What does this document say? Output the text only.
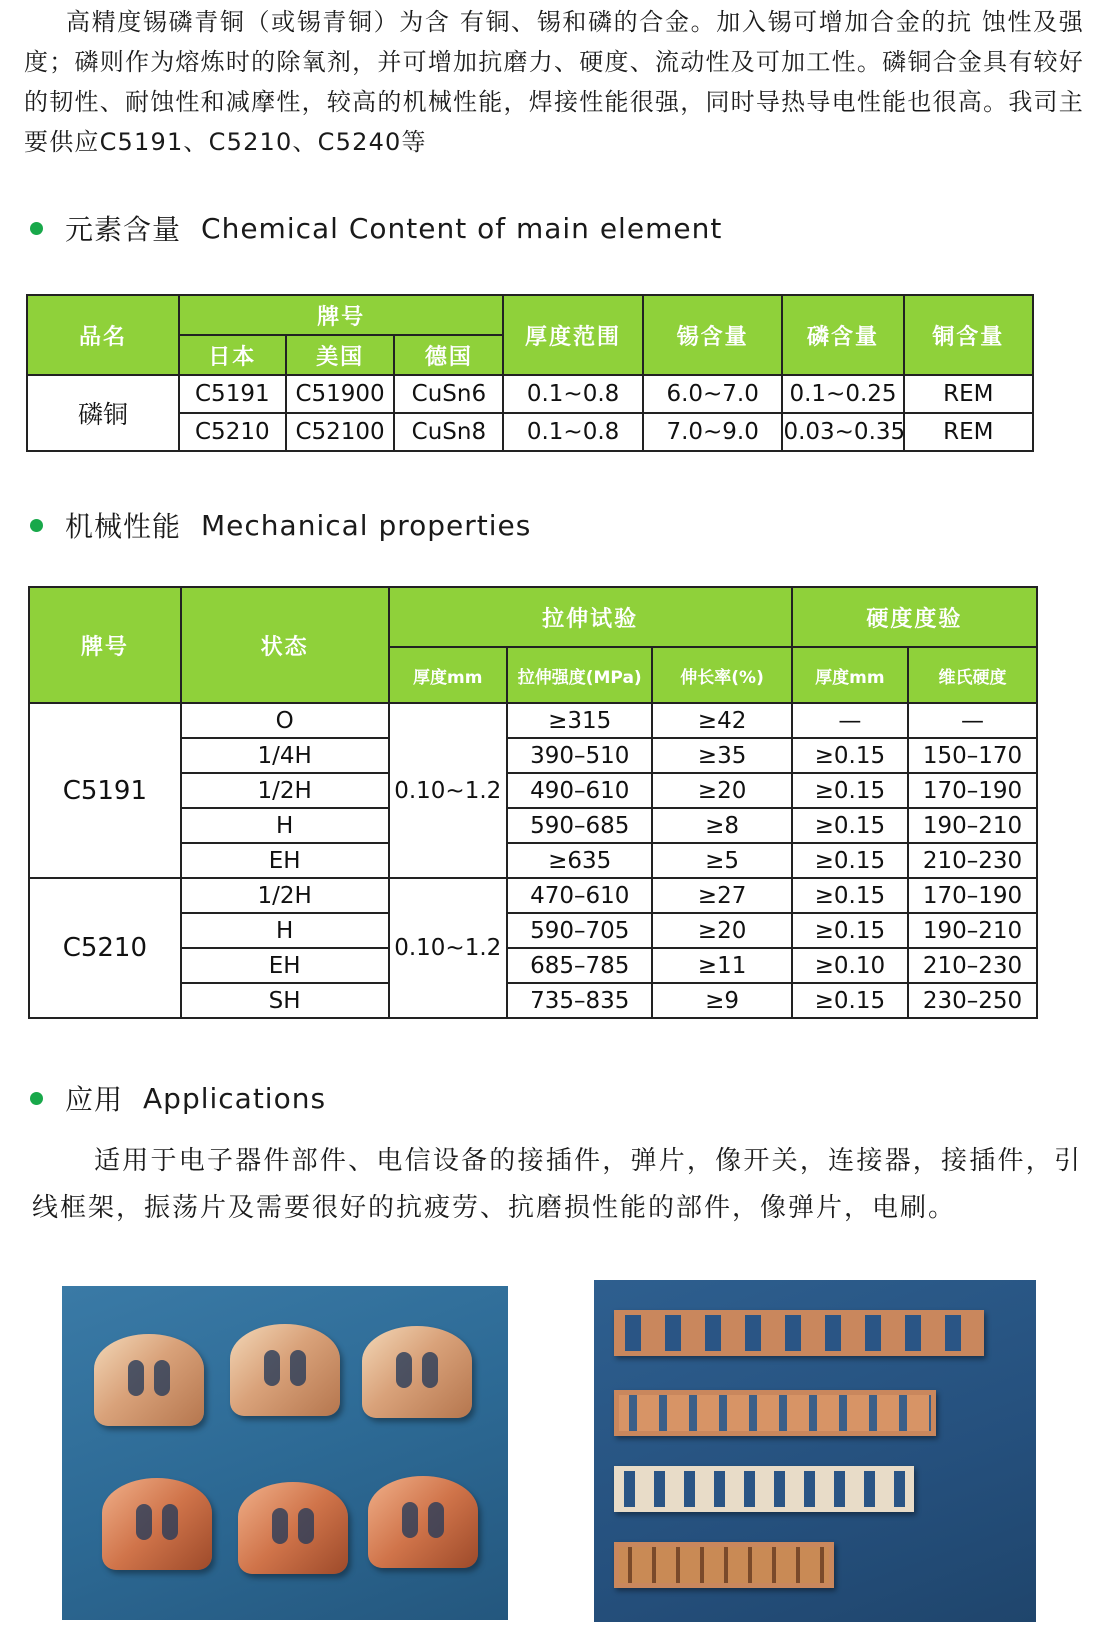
高精度锡磷青铜（或锡青铜）为含 有铜、锡和磷的合金。加入锡可增加合金的抗 蚀性及强度；磷则作为熔炼时的除氧剂，并可增加抗磨力、硬度、流动性及可加工性。磷铜合金具有较好的韧性、耐蚀性和减摩性，较高的机械性能，焊接性能很强，同时导热导电性能也很高。我司主要供应C5191、C5210、C5240等
元素含量 Chemical Content of main element
品名	牌号			厚度范围	锡含量	磷含量	铜含量
	日本	美国	德国				
磷铜	C5191	C51900	CuSn6	0.1~0.8	6.0~7.0	0.1~0.25	REM
	C5210	C52100	CuSn8	0.1~0.8	7.0~9.0	0.03~0.35	REM
机械性能 Mechanical properties
牌号	状态	拉伸试验			硬度度验	
		厚度mm	拉伸强度(MPa)	伸长率(%)	厚度mm	维氏硬度
C5191	O	0.10~1.2	≥315	≥42	—	—
	1/4H		390–510	≥35	≥0.15	150–170
	1/2H		490–610	≥20	≥0.15	170–190
	H		590–685	≥8	≥0.15	190–210
	EH		≥635	≥5	≥0.15	210–230
C5210	1/2H	0.10~1.2	470–610	≥27	≥0.15	170–190
	H		590–705	≥20	≥0.15	190–210
	EH		685–785	≥11	≥0.10	210–230
	SH		735–835	≥9	≥0.15	230–250
应用 Applications
适用于电子器件部件、电信设备的接插件，弹片，像开关，连接器，接插件，引线框架，振荡片及需要很好的抗疲劳、抗磨损性能的部件，像弹片，电刷。
